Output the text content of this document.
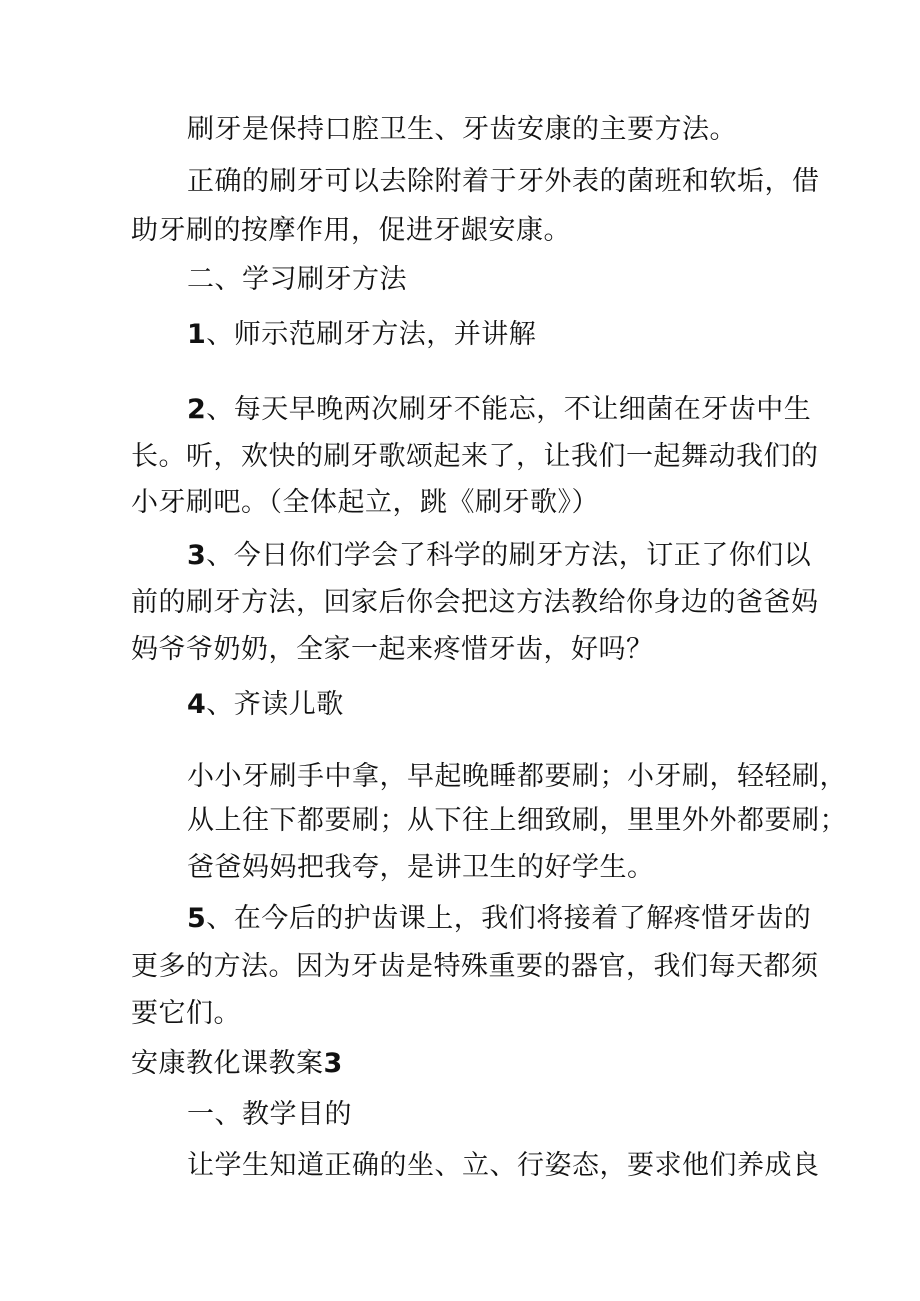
刷牙是保持口腔卫生、牙齿安康的主要方法。
正确的刷牙可以去除附着于牙外表的菌班和软垢，借
助牙刷的按摩作用，促进牙龈安康。
二、学习刷牙方法
1、师示范刷牙方法，并讲解
2、每天早晚两次刷牙不能忘，不让细菌在牙齿中生
长。听，欢快的刷牙歌颂起来了，让我们一起舞动我们的
小牙刷吧。（全体起立，跳《刷牙歌》）
3、今日你们学会了科学的刷牙方法，订正了你们以
前的刷牙方法，回家后你会把这方法教给你身边的爸爸妈
妈爷爷奶奶，全家一起来疼惜牙齿，好吗？
4、齐读儿歌
小小牙刷手中拿，早起晚睡都要刷；小牙刷，轻轻刷，
从上往下都要刷；从下往上细致刷，里里外外都要刷；
爸爸妈妈把我夸，是讲卫生的好学生。
5、在今后的护齿课上，我们将接着了解疼惜牙齿的
更多的方法。因为牙齿是特殊重要的器官，我们每天都须
要它们。
安康教化课教案3
一、教学目的
让学生知道正确的坐、立、行姿态，要求他们养成良
